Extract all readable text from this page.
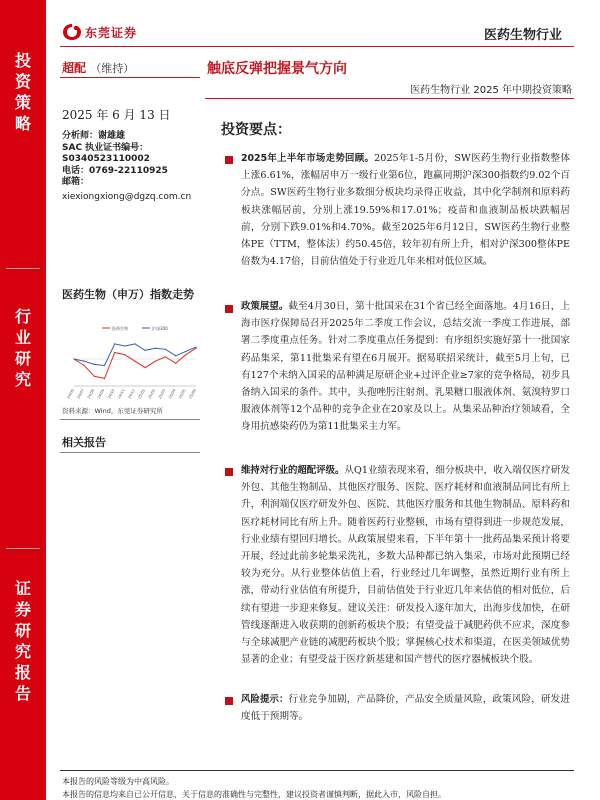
投资策略
行业研究
证券研究报告
东莞证券	医药生物行业
超配 （维持）	触底反弹把握景气方向
医药生物行业 2025 年中期投资策略
2025 年 6 月 13 日
分析师：谢雄雄
SAC 执业证书编号：
S0340523110002
电话：0769-22110925
邮箱：
xiexiongxiong@dgzq.com.cn
医药生物（申万）指数走势
医药生物	沪深300
24/06 24/07 24/08 24/09 24/10 24/11 24/12 25/01 25/02 25/03 25/04 25/05 25/06
资料来源：Wind，东莞证券研究所
相关报告
投资要点：
2025年上半年市场走势回顾。2025年1-5月份，SW医药生物行业指数整体上涨6.61%，涨幅居申万一级行业第6位，跑赢同期沪深300指数约9.02个百分点。SW医药生物行业多数细分板块均录得正收益，其中化学制剂和原料药板块涨幅居前，分别上涨19.59%和17.01%；疫苗和血液制品板块跌幅居前，分别下跌9.01%和4.70%。截至2025年6月12日，SW医药生物行业整体PE（TTM，整体法）约50.45倍，较年初有所上升，相对沪深300整体PE倍数为4.17倍，目前估值处于行业近几年来相对低位区域。
政策展望。截至4月30日，第十批国采在31个省已经全面落地。4月16日，上海市医疗保障局召开2025年二季度工作会议，总结交流一季度工作进展，部署二季度重点任务。针对二季度重点任务提到：有序组织实施好第十一批国家药品集采，第11批集采有望在6月展开。据易联招采统计，截至5月上旬，已有127个未纳入国采的品种满足原研企业+过评企业≥7家的竞争格局，初步具备纳入国采的条件。其中，头孢唑肟注射剂、乳果糖口服液体剂、氨溴特罗口服液体剂等12个品种的竞争企业在20家及以上。从集采品种治疗领域看，全身用抗感染药仍为第11批集采主力军。
维持对行业的超配评级。从Q1业绩表现来看，细分板块中，收入端仅医疗研发外包、其他生物制品、其他医疗服务、医院、医疗耗材和血液制品同比有所上升，利润端仅医疗研发外包、医院、其他医疗服务和其他生物制品、原料药和医疗耗材同比有所上升。随着医药行业整顿，市场有望得到进一步规范发展，行业业绩有望回归增长。从政策展望来看，下半年第十一批药品集采预计将要开展，经过此前多轮集采洗礼，多数大品种都已纳入集采，市场对此预期已经较为充分。从行业整体估值上看，行业经过几年调整，虽然近期行业有所上涨，带动行业估值有所提升，目前估值处于行业近几年来估值的相对低位，后续有望进一步迎来修复。建议关注：研发投入逐年加大，出海步伐加快，在研管线逐渐进入收获期的创新药板块个股；有望受益于减肥药供不应求，深度参与全球减肥产业链的减肥药板块个股；掌握核心技术和渠道，在医美领域优势显著的企业；有望受益于医疗新基建和国产替代的医疗器械板块个股。
风险提示：行业竞争加剧，产品降价，产品安全质量风险，政策风险，研发进度低于预期等。
本报告的风险等级为中高风险。
本报告的信息均来自已公开信息，关于信息的准确性与完整性，建议投资者谨慎判断，据此入市，风险自担。
